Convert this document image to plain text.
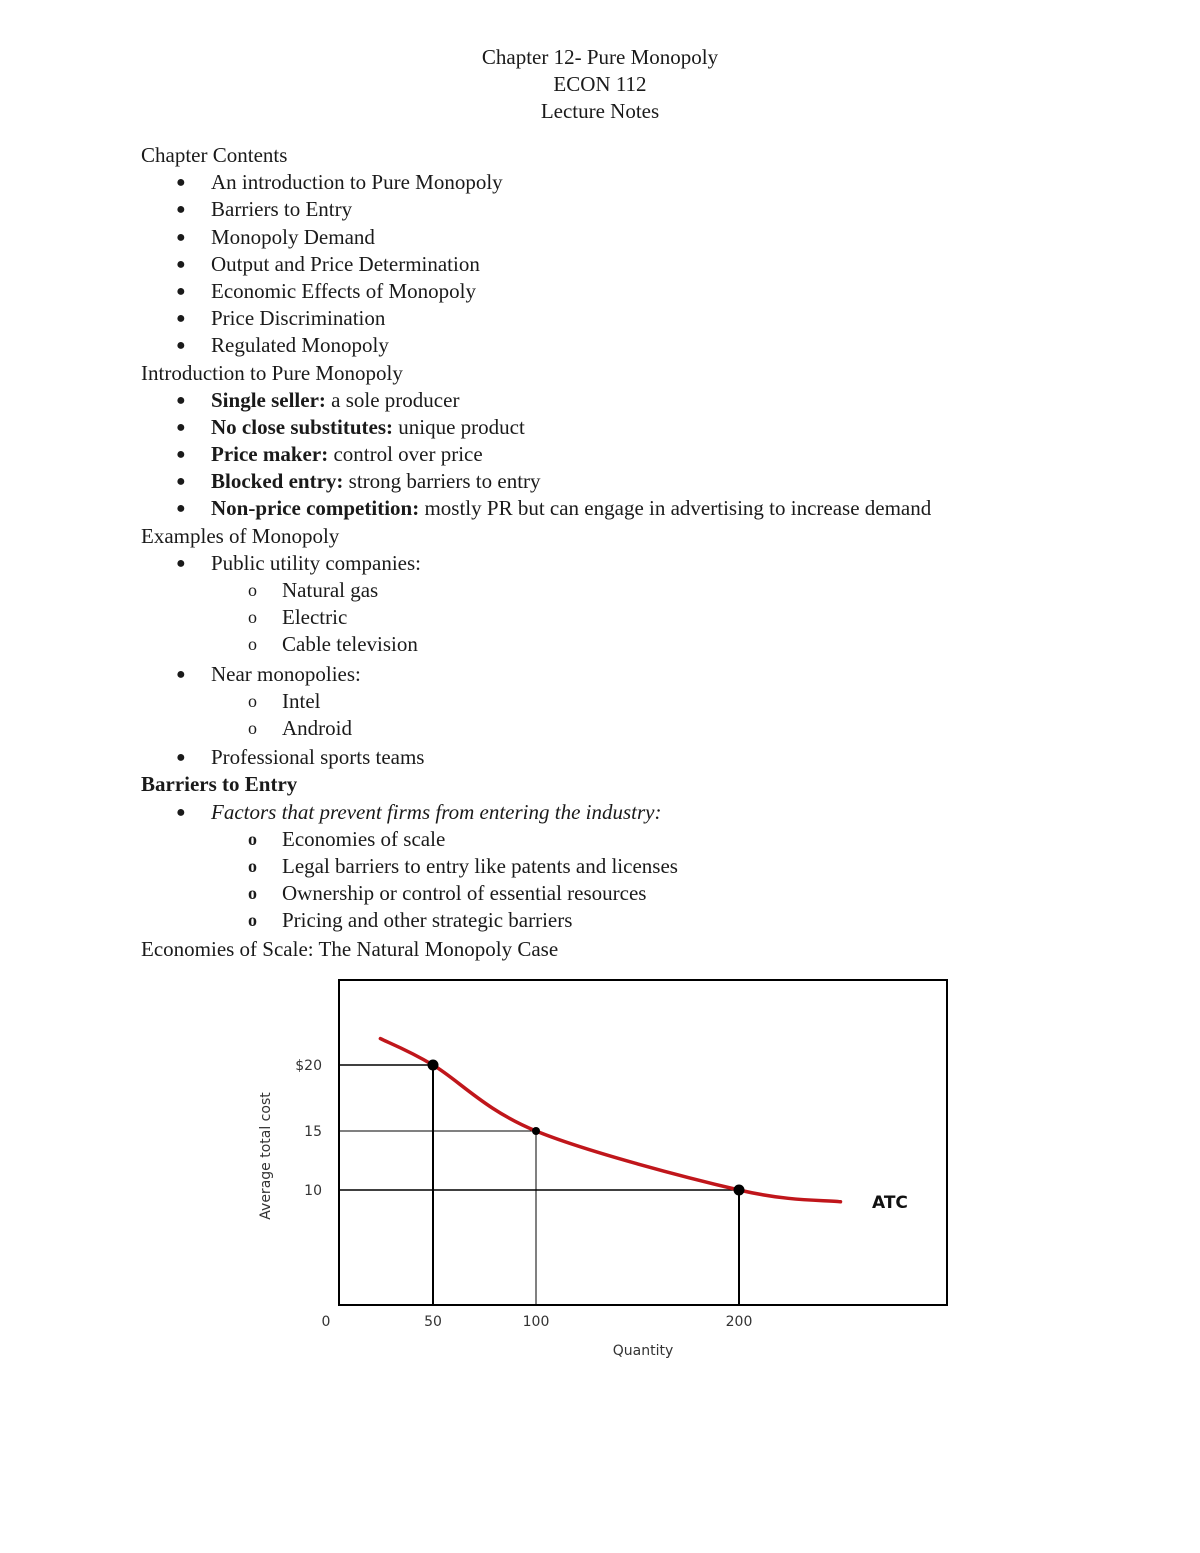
Chapter 12- Pure Monopoly
ECON 112
Lecture Notes
Chapter Contents
● An introduction to Pure Monopoly
● Barriers to Entry
● Monopoly Demand
● Output and Price Determination
● Economic Effects of Monopoly
● Price Discrimination
● Regulated Monopoly
Introduction to Pure Monopoly
● Single seller: a sole producer
● No close substitutes: unique product
● Price maker: control over price
● Blocked entry: strong barriers to entry
● Non-price competition: mostly PR but can engage in advertising to increase demand
Examples of Monopoly
● Public utility companies:
o Natural gas
o Electric
o Cable television
● Near monopolies:
o Intel
o Android
● Professional sports teams
Barriers to Entry
● Factors that prevent firms from entering the industry:
o Economies of scale
o Legal barriers to entry like patents and licenses
o Ownership or control of essential resources
o Pricing and other strategic barriers
Economies of Scale: The Natural Monopoly Case
ATC
$20
15
10
0	50	100	200
Quantity
Average total cost
